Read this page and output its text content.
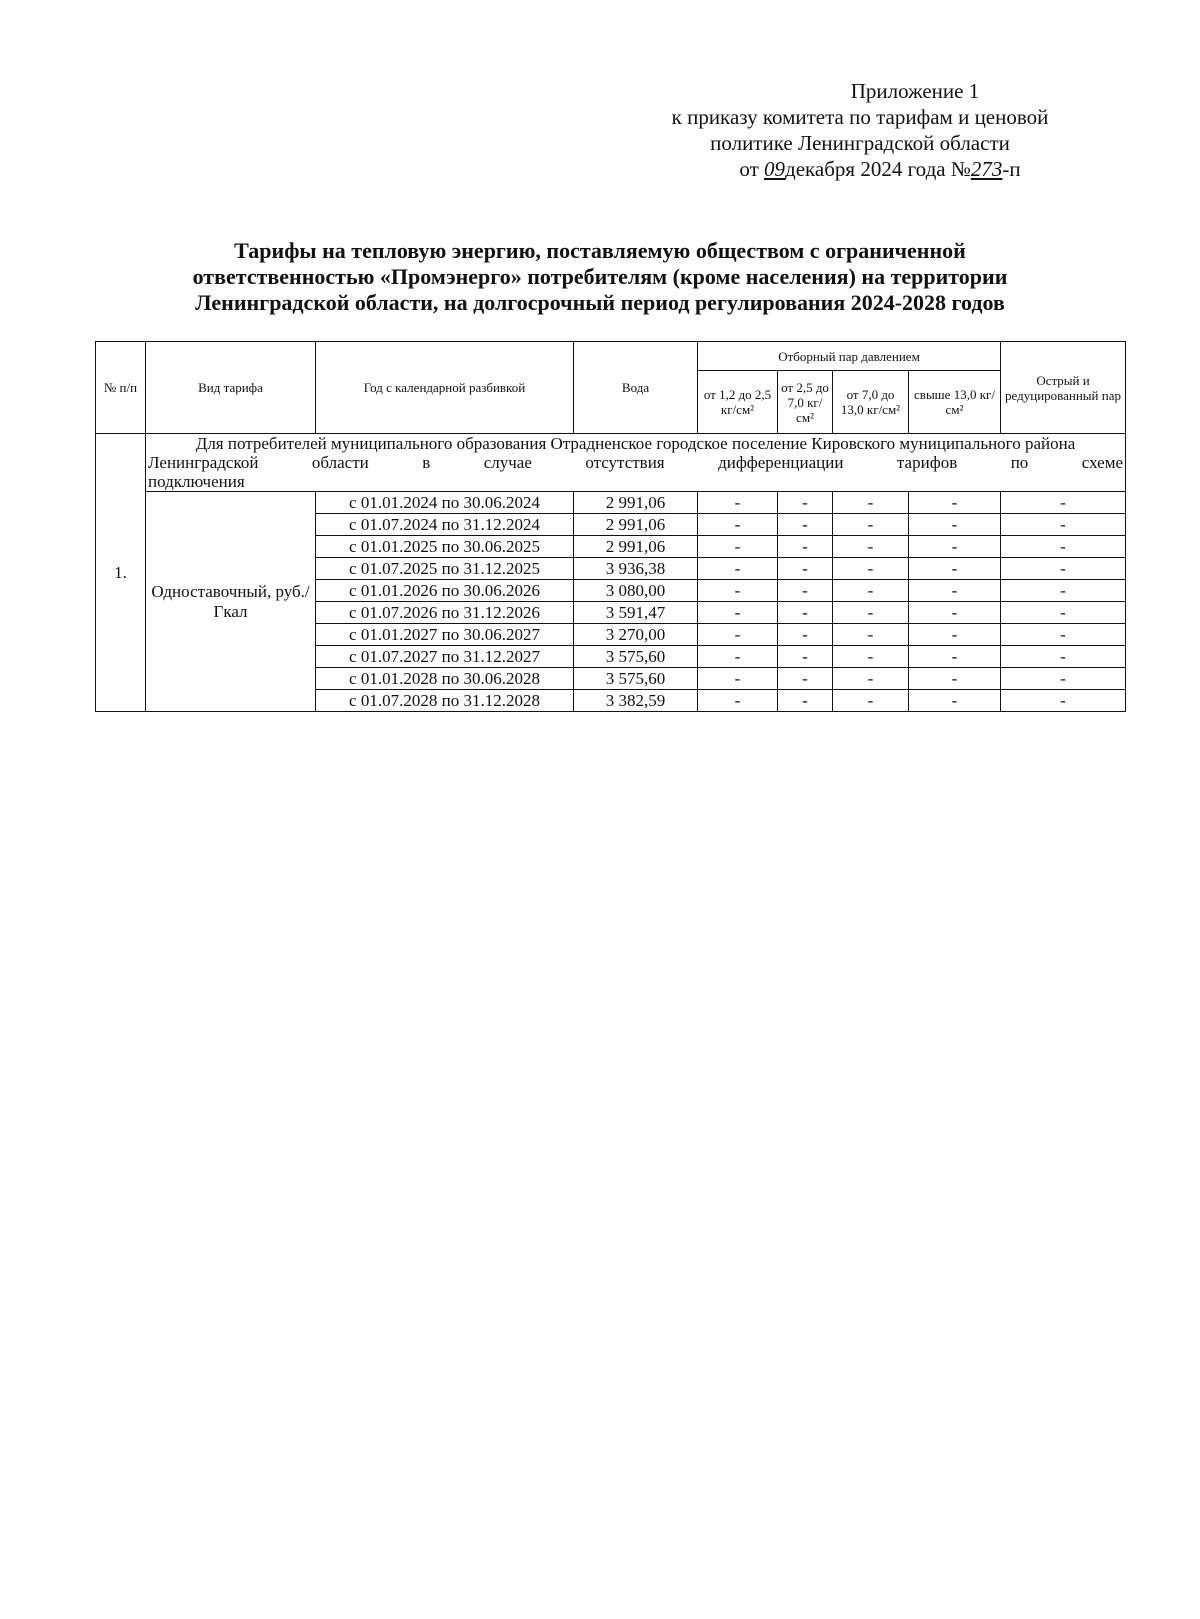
Приложение 1
к приказу комитета по тарифам и ценовой
политике Ленинградской области
от 09декабря 2024 года №273-п
Тарифы на тепловую энергию, поставляемую обществом с ограниченной
ответственностью «Промэнерго» потребителям (кроме населения) на территории
Ленинградской области, на долгосрочный период регулирования 2024-2028 годов
№ п/п	Вид тарифа	Год с календарной разбивкой	Вода	Отборный пар давлением				Острый и редуцированный пар
				от 1,2 до 2,5 кг/см²	от 2,5 до 7,0 кг/см²	от 7,0 до 13,0 кг/см²	свыше 13,0 кг/см²	
1.	Для потребителей муниципального образования Отрадненское городское поселение Кировского муниципального района Ленинградской области в случае отсутствия дифференциации тарифов по схеме
подключения							

	Одноставочный, руб./Гкал	с 01.01.2024 по 30.06.2024	2 991,06	-	-	-	-	-
		с 01.07.2024 по 31.12.2024	2 991,06	-	-	-	-	-
		с 01.01.2025 по 30.06.2025	2 991,06	-	-	-	-	-
		с 01.07.2025 по 31.12.2025	3 936,38	-	-	-	-	-
		с 01.01.2026 по 30.06.2026	3 080,00	-	-	-	-	-
		с 01.07.2026 по 31.12.2026	3 591,47	-	-	-	-	-
		с 01.01.2027 по 30.06.2027	3 270,00	-	-	-	-	-
		с 01.07.2027 по 31.12.2027	3 575,60	-	-	-	-	-
		с 01.01.2028 по 30.06.2028	3 575,60	-	-	-	-	-
		с 01.07.2028 по 31.12.2028	3 382,59	-	-	-	-	-
